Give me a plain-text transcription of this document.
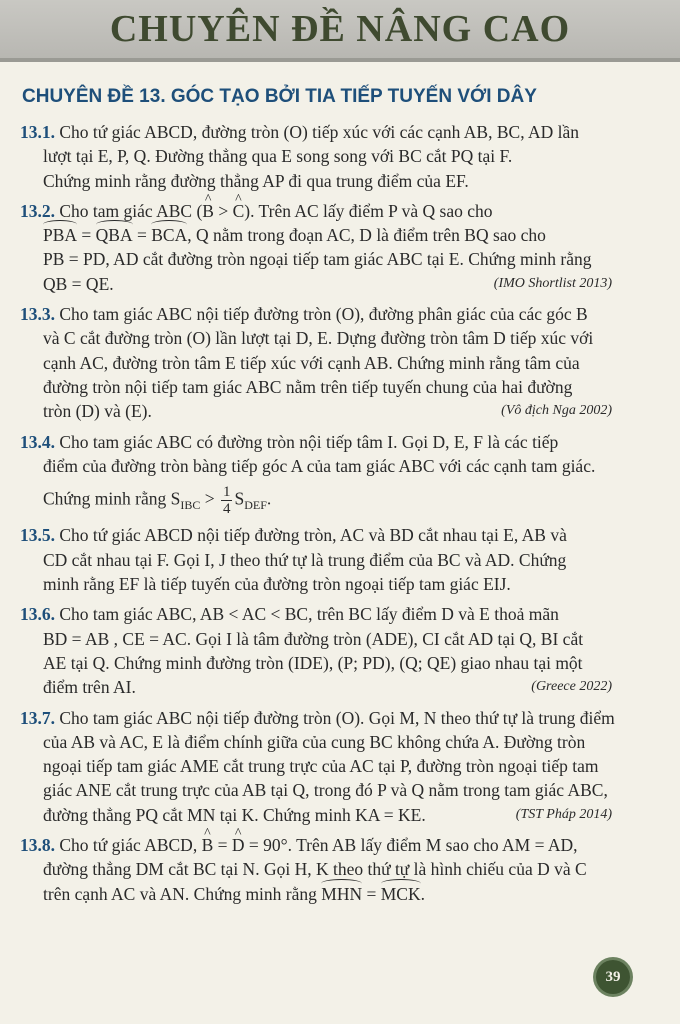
CHUYÊN ĐỀ NÂNG CAO
CHUYÊN ĐỀ 13. GÓC TẠO BỞI TIA TIẾP TUYẾN VỚI DÂY
13.1. Cho tứ giác ABCD, đường tròn (O) tiếp xúc với các cạnh AB, BC, AD lần
lượt tại E, P, Q. Đường thẳng qua E song song với BC cắt PQ tại F.
Chứng minh rằng đường thẳng AP đi qua trung điểm của EF.
13.2. Cho tam giác ABC (^ B > ^ C). Trên AC lấy điểm P và Q sao cho
PBA = QBA = BCA, Q nằm trong đoạn AC, D là điểm trên BQ sao cho
PB = PD, AD cắt đường tròn ngoại tiếp tam giác ABC tại E. Chứng minh rằng
QB = QE.	(IMO Shortlist 2013)
13.3. Cho tam giác ABC nội tiếp đường tròn (O), đường phân giác của các góc B
và C cắt đường tròn (O) lần lượt tại D, E. Dựng đường tròn tâm D tiếp xúc với
cạnh AC, đường tròn tâm E tiếp xúc với cạnh AB. Chứng minh rằng tâm của
đường tròn nội tiếp tam giác ABC nằm trên tiếp tuyến chung của hai đường
tròn (D) và (E).	(Vô địch Nga 2002)
13.4. Cho tam giác ABC có đường tròn nội tiếp tâm I. Gọi D, E, F là các tiếp
điểm của đường tròn bàng tiếp góc A của tam giác ABC với các cạnh tam giác.
Chứng minh rằng $S_{IBC} > \frac{1}{4} S_{DEF}$.
13.5. Cho tứ giác ABCD nội tiếp đường tròn, AC và BD cắt nhau tại E, AB và
CD cắt nhau tại F. Gọi I, J theo thứ tự là trung điểm của BC và AD. Chứng
minh rằng EF là tiếp tuyến của đường tròn ngoại tiếp tam giác EIJ.
13.6. Cho tam giác ABC, AB < AC < BC, trên BC lấy điểm D và E thoả mãn
BD = AB , CE = AC. Gọi I là tâm đường tròn (ADE), CI cắt AD tại Q, BI cắt
AE tại Q. Chứng minh đường tròn (IDE), (P; PD), (Q; QE) giao nhau tại một
điểm trên AI.	(Greece 2022)
13.7. Cho tam giác ABC nội tiếp đường tròn (O). Gọi M, N theo thứ tự là trung điểm
của AB và AC, E là điểm chính giữa của cung BC không chứa A. Đường tròn
ngoại tiếp tam giác AME cắt trung trực của AC tại P, đường tròn ngoại tiếp tam
giác ANE cắt trung trực của AB tại Q, trong đó P và Q nằm trong tam giác ABC,
đường thẳng PQ cắt MN tại K. Chứng minh KA = KE.	(TST Pháp 2014)
13.8. Cho tứ giác ABCD, ^ B = ^ D = 90°. Trên AB lấy điểm M sao cho AM = AD,
đường thẳng DM cắt BC tại N. Gọi H, K theo thứ tự là hình chiếu của D và C
trên cạnh AC và AN. Chứng minh rằng MHN = MCK.
39
